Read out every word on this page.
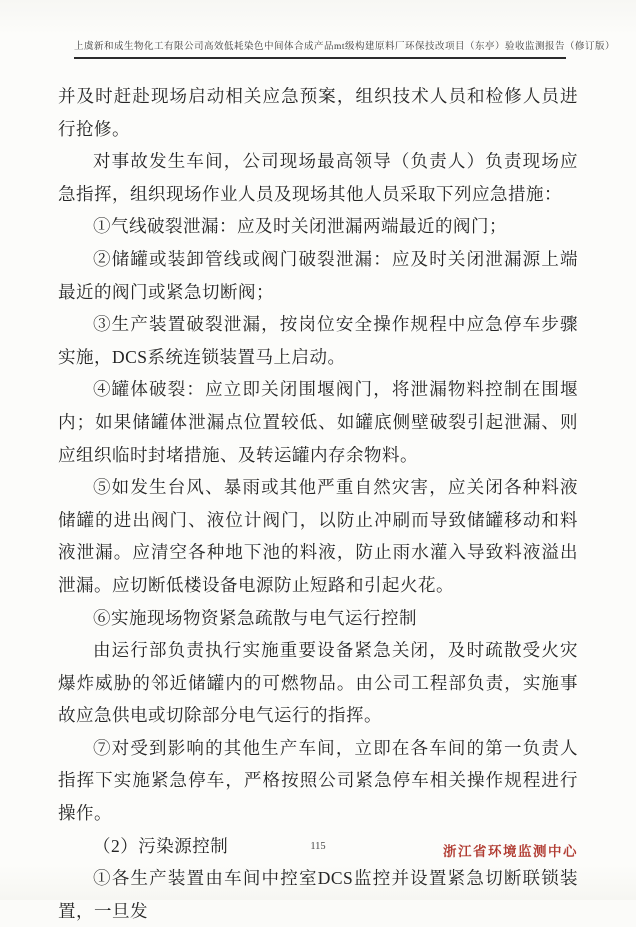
上虞新和成生物化工有限公司高效低耗染色中间体合成产品mt级构建原料厂环保技改项目（东亭）验收监测报告（修订版）

并及时赶赴现场启动相关应急预案，组织技术人员和检修人员进行抢修。

对事故发生车间，公司现场最高领导（负责人）负责现场应急指挥，组织现场作业人员及现场其他人员采取下列应急措施：

①气线破裂泄漏：应及时关闭泄漏两端最近的阀门；

②储罐或装卸管线或阀门破裂泄漏：应及时关闭泄漏源上端最近的阀门或紧急切断阀；

③生产装置破裂泄漏，按岗位安全操作规程中应急停车步骤实施，DCS系统连锁装置马上启动。

④罐体破裂：应立即关闭围堰阀门，将泄漏物料控制在围堰内；如果储罐体泄漏点位置较低、如罐底侧壁破裂引起泄漏、则应组织临时封堵措施、及转运罐内存余物料。

⑤如发生台风、暴雨或其他严重自然灾害，应关闭各种料液储罐的进出阀门、液位计阀门，以防止冲刷而导致储罐移动和料液泄漏。应清空各种地下池的料液，防止雨水灌入导致料液溢出泄漏。应切断低楼设备电源防止短路和引起火花。

⑥实施现场物资紧急疏散与电气运行控制

由运行部负责执行实施重要设备紧急关闭，及时疏散受火灾爆炸威胁的邻近储罐内的可燃物品。由公司工程部负责，实施事故应急供电或切除部分电气运行的指挥。

⑦对受到影响的其他生产车间，立即在各车间的第一负责人指挥下实施紧急停车，严格按照公司紧急停车相关操作规程进行操作。

（2）污染源控制

①各生产装置由车间中控室DCS监控并设置紧急切断联锁装置，一旦发

115	浙江省环境监测中心
